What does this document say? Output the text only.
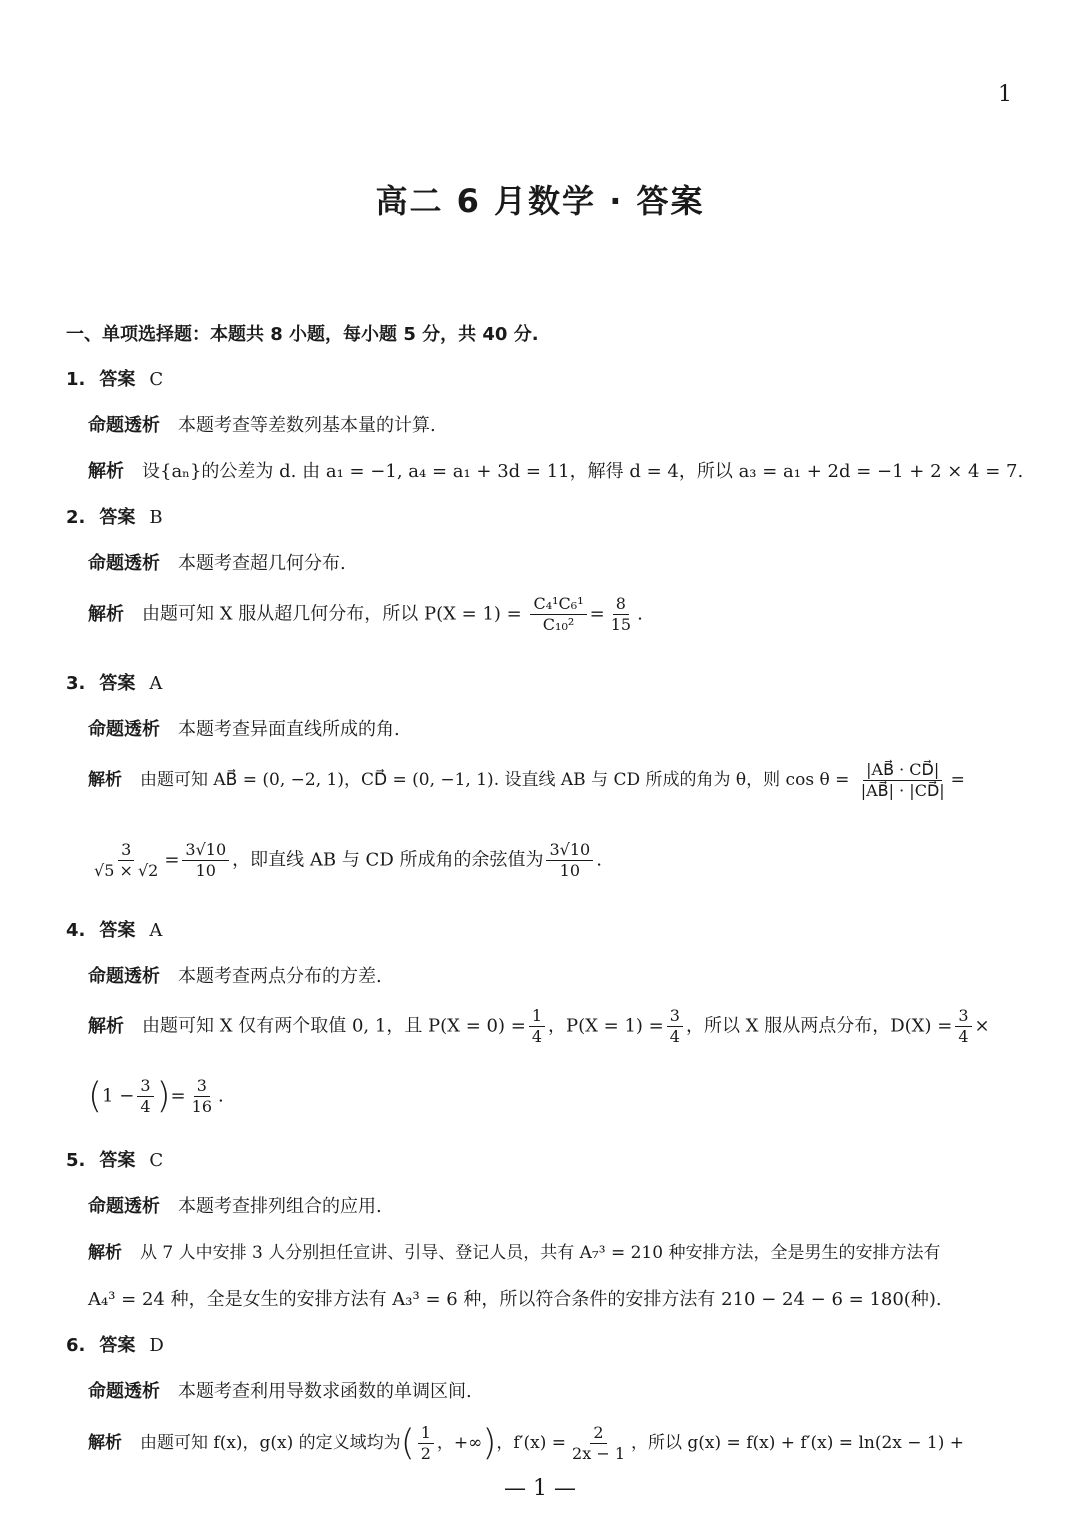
1
高二 6 月数学 · 答案
一、单项选择题：本题共 8 小题，每小题 5 分，共 40 分.
1. 答案 C
命题透析 本题考查等差数列基本量的计算.
解析 设{aₙ}的公差为 d. 由 a₁ = −1, a₄ = a₁ + 3d = 11，解得 d = 4，所以 a₃ = a₁ + 2d = −1 + 2 × 4 = 7.
2. 答案 B
命题透析 本题考查超几何分布.
解析 由题可知 X 服从超几何分布，所以 $P(X = 1) = \frac{\text{C₄¹C₆¹}}{\text{C₁₀²}} = \frac{8}{15}$ .
3. 答案 A
命题透析 本题考查异面直线所成的角.
解析 由题可知 AB⃗ = (0, −2, 1)，CD⃗ = (0, −1, 1). 设直线 AB 与 CD 所成的角为 θ，则 $\cos \theta = \frac{|AB⃗ \cdot CD⃗|}{|AB⃗| \cdot |CD⃗|}$ =
$\frac{3}{√5 \times √2} = \frac{3√10}{10}$ ，即直线 AB 与 CD 所成角的余弦值为 $\frac{3√10}{10}$ .
4. 答案 A
命题透析 本题考查两点分布的方差.
解析 由题可知 X 仅有两个取值 0, 1，且 $P(X = 0) = \frac{1}{4}$ ，$P(X = 1) = \frac{3}{4}$ ，所以 X 服从两点分布，$D(X) = \frac{3}{4}$ ×
($1 - \frac{3}{4}$ )= $\frac{3}{16}$ .
5. 答案 C
命题透析 本题考查排列组合的应用.
解析 从 7 人中安排 3 人分别担任宣讲、引导、登记人员，共有 A₇³ = 210 种安排方法，全是男生的安排方法有
A₄³ = 24 种，全是女生的安排方法有 A₃³ = 6 种，所以符合条件的安排方法有 210 − 24 − 6 = 180(种).
6. 答案 D
命题透析 本题考查利用导数求函数的单调区间.
解析 由题可知 f(x)，g(x) 的定义域均为( $\frac{1}{2}$ ，+∞)，$f'(x) = \frac{2}{2x - 1}$ ，所以 g(x) = f(x) + f′(x) = ln(2x − 1) +
— 1 —
